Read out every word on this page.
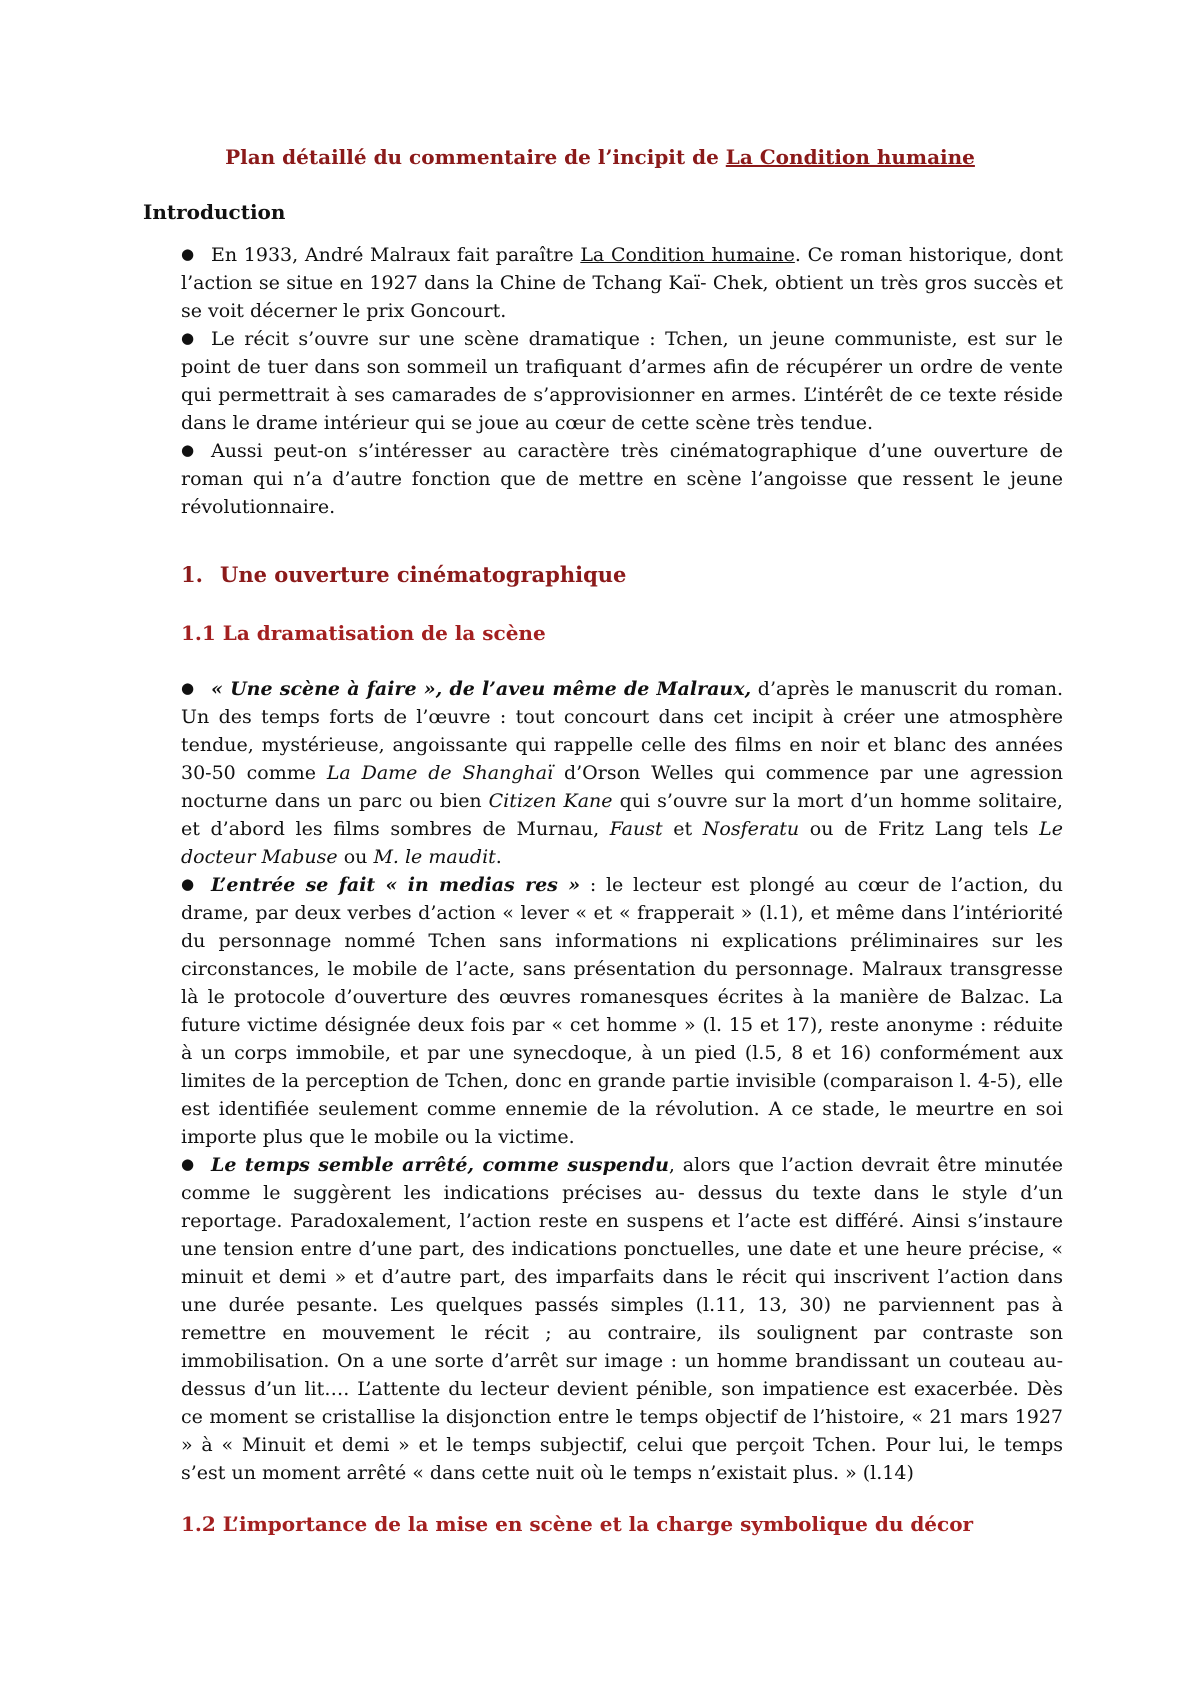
Plan détaillé du commentaire de l’incipit de La Condition humaine
Introduction

● En 1933, André Malraux fait paraître La Condition humaine. Ce roman historique, dont l’action se situe en 1927 dans la Chine de Tchang Kaï- Chek, obtient un très gros succès et se voit décerner le prix Goncourt.

● Le récit s’ouvre sur une scène dramatique : Tchen, un jeune communiste, est sur le point de tuer dans son sommeil un trafiquant d’armes afin de récupérer un ordre de vente qui permettrait à ses camarades de s’approvisionner en armes. L’intérêt de ce texte réside dans le drame intérieur qui se joue au cœur de cette scène très tendue.

● Aussi peut-on s’intéresser au caractère très cinématographique d’une ouverture de roman qui n’a d’autre fonction que de mettre en scène l’angoisse que ressent le jeune révolutionnaire.

1. Une ouverture cinématographique
1.1 La dramatisation de la scène

● « Une scène à faire », de l’aveu même de Malraux, d’après le manuscrit du roman. Un des temps forts de l’œuvre : tout concourt dans cet incipit à créer une atmosphère tendue, mystérieuse, angoissante qui rappelle celle des films en noir et blanc des années 30-50 comme La Dame de Shanghaï d’Orson Welles qui commence par une agression nocturne dans un parc ou bien Citizen Kane qui s’ouvre sur la mort d’un homme solitaire, et d’abord les films sombres de Murnau, Faust et Nosferatu ou de Fritz Lang tels Le docteur Mabuse ou M. le maudit.

● L’entrée se fait « in medias res » : le lecteur est plongé au cœur de l’action, du drame, par deux verbes d’action « lever « et « frapperait » (l.1), et même dans l’intériorité du personnage nommé Tchen sans informations ni explications préliminaires sur les circonstances, le mobile de l’acte, sans présentation du personnage. Malraux transgresse là le protocole d’ouverture des œuvres romanesques écrites à la manière de Balzac. La future victime désignée deux fois par « cet homme » (l. 15 et 17), reste anonyme : réduite à un corps immobile, et par une synecdoque, à un pied (l.5, 8 et 16) conformément aux limites de la perception de Tchen, donc en grande partie invisible (comparaison l. 4-5), elle est identifiée seulement comme ennemie de la révolution. A ce stade, le meurtre en soi importe plus que le mobile ou la victime.

● Le temps semble arrêté, comme suspendu, alors que l’action devrait être minutée comme le suggèrent les indications précises au- dessus du texte dans le style d’un reportage. Paradoxalement, l’action reste en suspens et l’acte est différé. Ainsi s’instaure une tension entre d’une part, des indications ponctuelles, une date et une heure précise, « minuit et demi » et d’autre part, des imparfaits dans le récit qui inscrivent l’action dans une durée pesante. Les quelques passés simples (l.11, 13, 30) ne parviennent pas à remettre en mouvement le récit ; au contraire, ils soulignent par contraste son immobilisation. On a une sorte d’arrêt sur image : un homme brandissant un couteau au-dessus d’un lit…. L’attente du lecteur devient pénible, son impatience est exacerbée. Dès ce moment se cristallise la disjonction entre le temps objectif de l’histoire, « 21 mars 1927 » à « Minuit et demi » et le temps subjectif, celui que perçoit Tchen. Pour lui, le temps s’est un moment arrêté « dans cette nuit où le temps n’existait plus. » (l.14)

1.2 L’importance de la mise en scène et la charge symbolique du décor
